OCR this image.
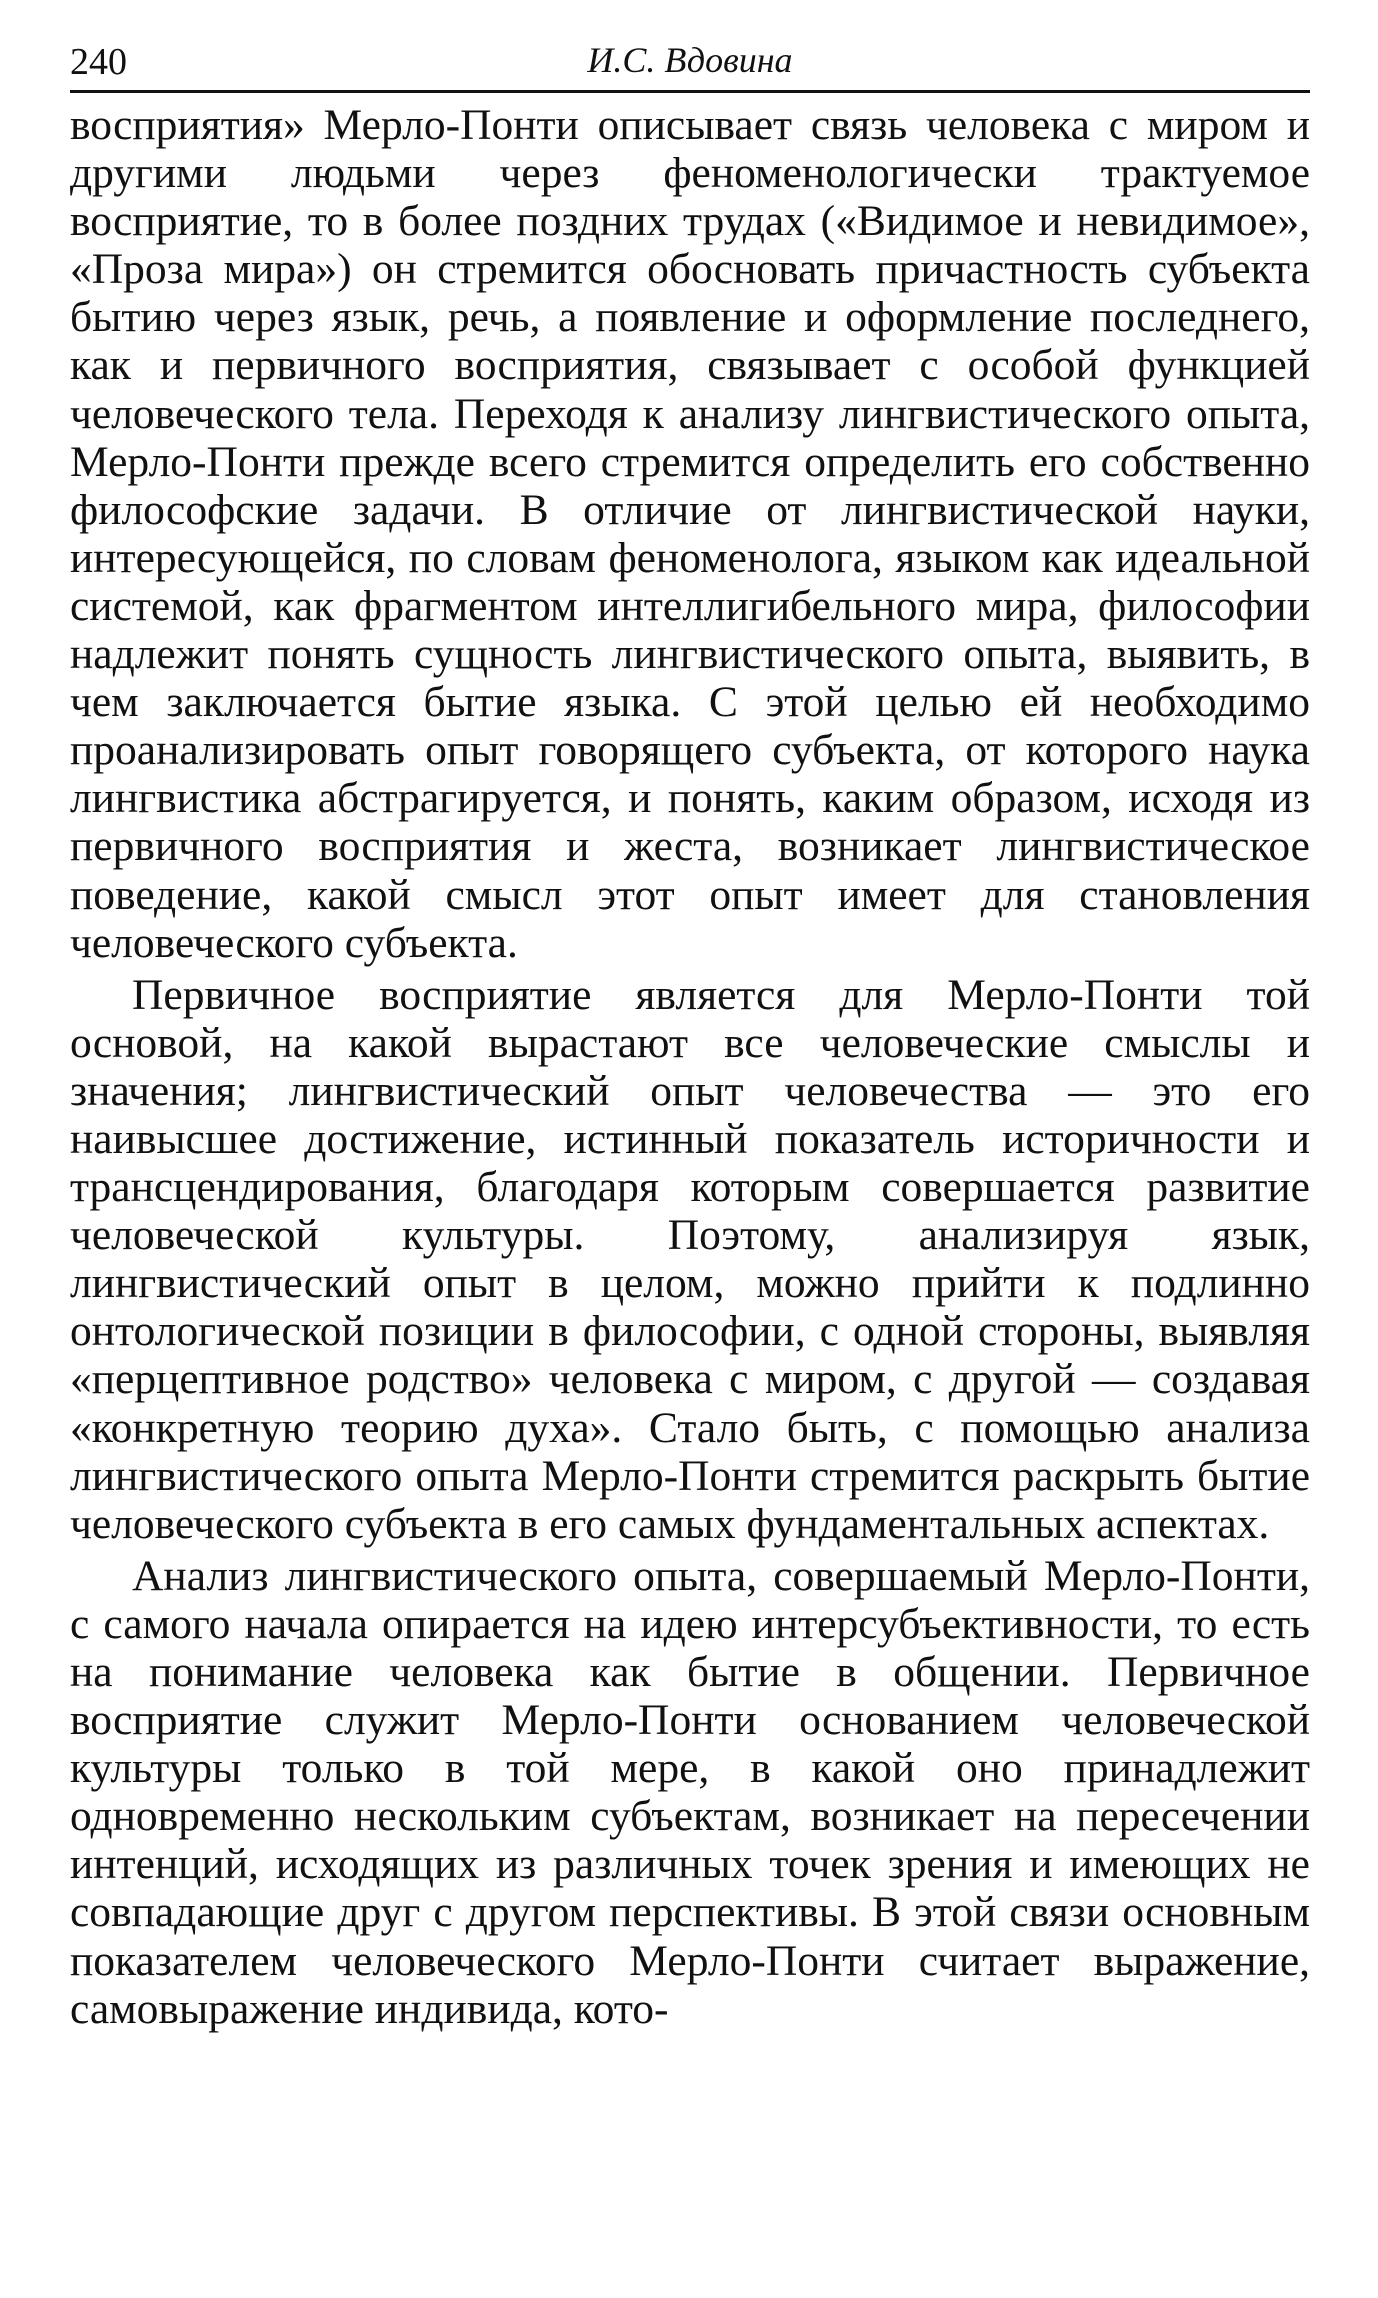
240	И.С. Вдовина

восприятия» Мерло-Понти описывает связь человека с миром и другими людьми через феноменологически трактуемое восприятие, то в более поздних трудах («Видимое и невидимое», «Проза мира») он стремится обосновать причастность субъекта бытию через язык, речь, а появление и оформление последнего, как и первичного восприятия, связывает с особой функцией человеческого тела. Переходя к анализу лингвистического опыта, Мерло-Понти прежде всего стремится определить его собственно философские задачи. В отличие от лингвистической науки, интересующейся, по словам феноменолога, языком как идеальной системой, как фрагментом интеллигибельного мира, философии надлежит понять сущность лингвистического опыта, выявить, в чем заключается бытие языка. С этой целью ей необходимо проанализировать опыт говорящего субъекта, от которого наука лингвистика абстрагируется, и понять, каким образом, исходя из первичного восприятия и жеста, возникает лингвистическое поведение, какой смысл этот опыт имеет для становления человеческого субъекта.

Первичное восприятие является для Мерло-Понти той основой, на какой вырастают все человеческие смыслы и значения; лингвистический опыт человечества — это его наивысшее достижение, истинный показатель историчности и трансцендирования, благодаря которым совершается развитие человеческой культуры. Поэтому, анализируя язык, лингвистический опыт в целом, можно прийти к подлинно онтологической позиции в философии, с одной стороны, выявляя «перцептивное родство» человека с миром, с другой — создавая «конкретную теорию духа». Стало быть, с помощью анализа лингвистического опыта Мерло-Понти стремится раскрыть бытие человеческого субъекта в его самых фундаментальных аспектах.

Анализ лингвистического опыта, совершаемый Мерло-Понти, с самого начала опирается на идею интерсубъективности, то есть на понимание человека как бытие в общении. Первичное восприятие служит Мерло-Понти основанием человеческой культуры только в той мере, в какой оно принадлежит одновременно нескольким субъектам, возникает на пересечении интенций, исходящих из различных точек зрения и имеющих не совпадающие друг с другом перспективы. В этой связи основным показателем человеческого Мерло-Понти считает выражение, самовыражение индивида, кото-
